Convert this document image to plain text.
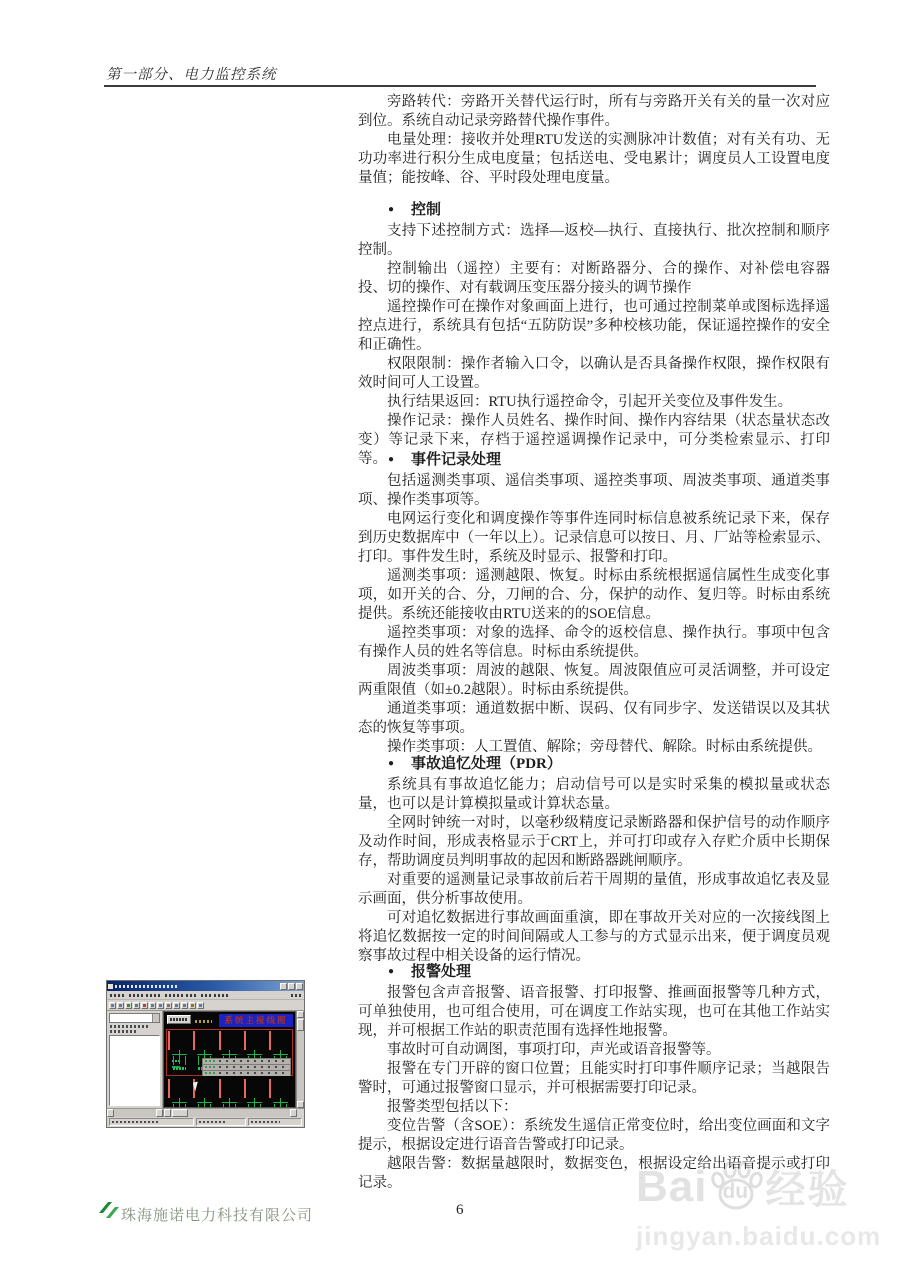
第一部分、电力监控系统
Bai du 经验
jingyan.baidu.com

旁路转代：旁路开关替代运行时，所有与旁路开关有关的量一次对应到位。系统自动记录旁路替代操作事件。

电量处理：接收并处理RTU发送的实测脉冲计数值；对有关有功、无功功率进行积分生成电度量；包括送电、受电累计；调度员人工设置电度量值；能按峰、谷、平时段处理电度量。

● 控制

支持下述控制方式：选择—返校—执行、直接执行、批次控制和顺序控制。

控制输出（遥控）主要有：对断路器分、合的操作、对补偿电容器投、切的操作、对有载调压变压器分接头的调节操作

遥控操作可在操作对象画面上进行，也可通过控制菜单或图标选择遥控点进行，系统具有包括“五防防误”多种校核功能，保证遥控操作的安全和正确性。

权限限制：操作者输入口令，以确认是否具备操作权限，操作权限有效时间可人工设置。

执行结果返回：RTU执行遥控命令，引起开关变位及事件发生。

操作记录：操作人员姓名、操作时间、操作内容结果（状态量状态改变）等记录下来，存档于遥控遥调操作记录中，可分类检索显示、打印等。 ● 事件记录处理

包括遥测类事项、遥信类事项、遥控类事项、周波类事项、通道类事项、操作类事项等。

电网运行变化和调度操作等事件连同时标信息被系统记录下来，保存到历史数据库中（一年以上）。记录信息可以按日、月、厂站等检索显示、打印。事件发生时，系统及时显示、报警和打印。

遥测类事项：遥测越限、恢复。时标由系统根据遥信属性生成变化事项，如开关的合、分，刀闸的合、分，保护的动作、复归等。时标由系统提供。系统还能接收由RTU送来的的SOE信息。

遥控类事项：对象的选择、命令的返校信息、操作执行。事项中包含有操作人员的姓名等信息。时标由系统提供。

周波类事项：周波的越限、恢复。周波限值应可灵活调整，并可设定两重限值（如±0.2越限）。时标由系统提供。

通道类事项：通道数据中断、误码、仅有同步字、发送错误以及其状态的恢复等事项。

操作类事项：人工置值、解除；旁母替代、解除。时标由系统提供。

● 事故追忆处理（PDR）

系统具有事故追忆能力；启动信号可以是实时采集的模拟量或状态量，也可以是计算模拟量或计算状态量。

全网时钟统一对时，以毫秒级精度记录断路器和保护信号的动作顺序及动作时间，形成表格显示于CRT上，并可打印或存入存贮介质中长期保存，帮助调度员判明事故的起因和断路器跳闸顺序。

对重要的遥测量记录事故前后若干周期的量值，形成事故追忆表及显示画面，供分析事故使用。

可对追忆数据进行事故画面重演，即在事故开关对应的一次接线图上将追忆数据按一定的时间间隔或人工参与的方式显示出来，便于调度员观察事故过程中相关设备的运行情况。

● 报警处理

报警包含声音报警、语音报警、打印报警、推画面报警等几种方式，可单独使用，也可组合使用，可在调度工作站实现，也可在其他工作站实现，并可根据工作站的职责范围有选择性地报警。

事故时可自动调图，事项打印，声光或语音报警等。

报警在专门开辟的窗口位置；且能实时打印事件顺序记录；当越限告警时，可通过报警窗口显示，并可根据需要打印记录。

报警类型包括以下：

变位告警（含SOE）：系统发生遥信正常变位时，给出变位画面和文字提示，根据设定进行语音告警或打印记录。

越限告警：数据量越限时，数据变色，根据设定给出语音提示或打印记录。

系统主接线图
珠海施诺电力科技有限公司	6
